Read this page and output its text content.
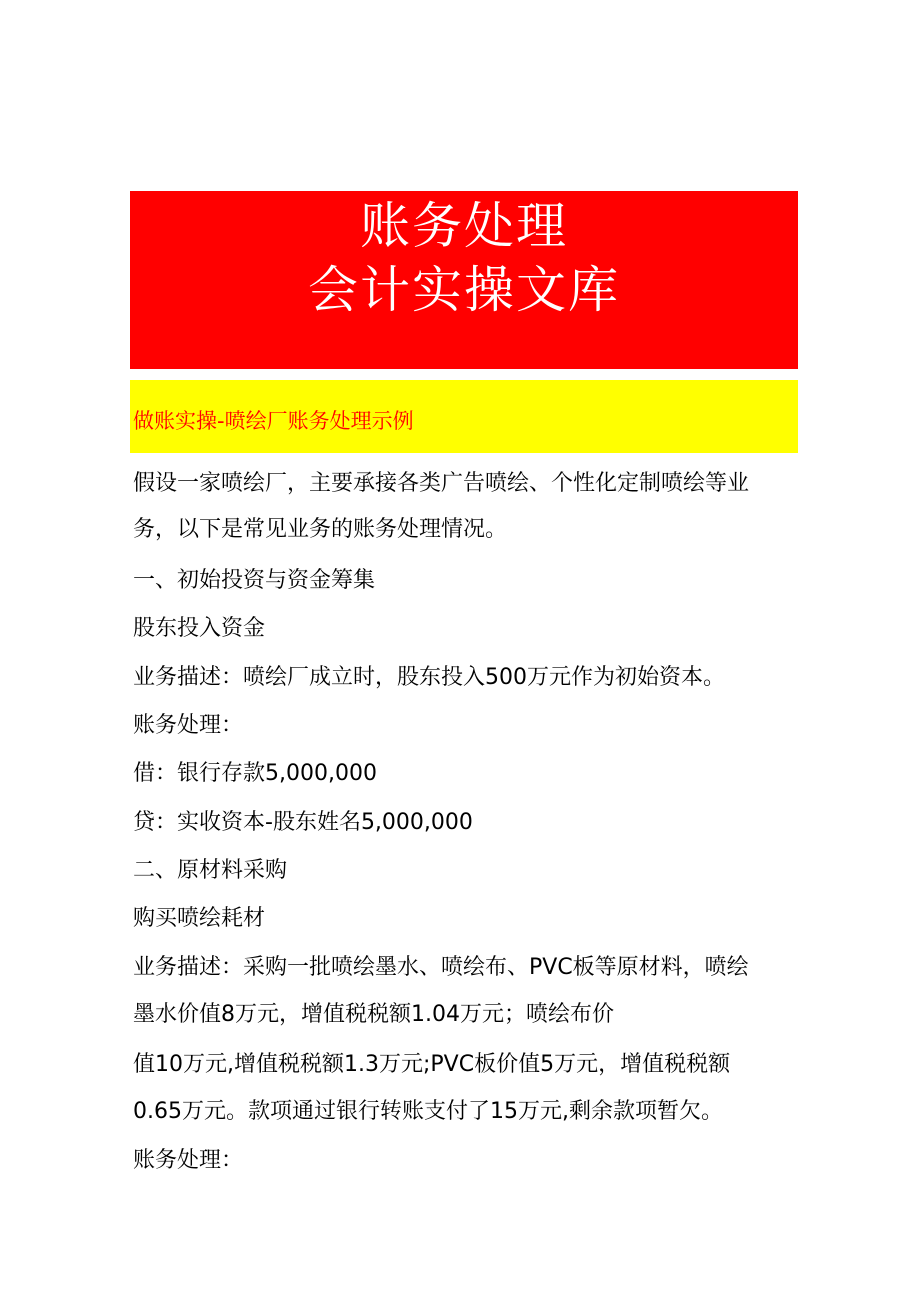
账务处理
会计实操文库
做账实操-喷绘厂账务处理示例
假设一家喷绘厂，主要承接各类广告喷绘、个性化定制喷绘等业
务，以下是常见业务的账务处理情况。
一、初始投资与资金筹集
股东投入资金
业务描述：喷绘厂成立时，股东投入500万元作为初始资本。
账务处理：
借：银行存款5,000,000
贷：实收资本-股东姓名5,000,000
二、原材料采购
购买喷绘耗材
业务描述：采购一批喷绘墨水、喷绘布、PVC板等原材料，喷绘
墨水价值8万元，增值税税额1.04万元；喷绘布价
值10万元,增值税税额1.3万元;PVC板价值5万元，增值税税额
0.65万元。款项通过银行转账支付了15万元,剩余款项暂欠。
账务处理：
